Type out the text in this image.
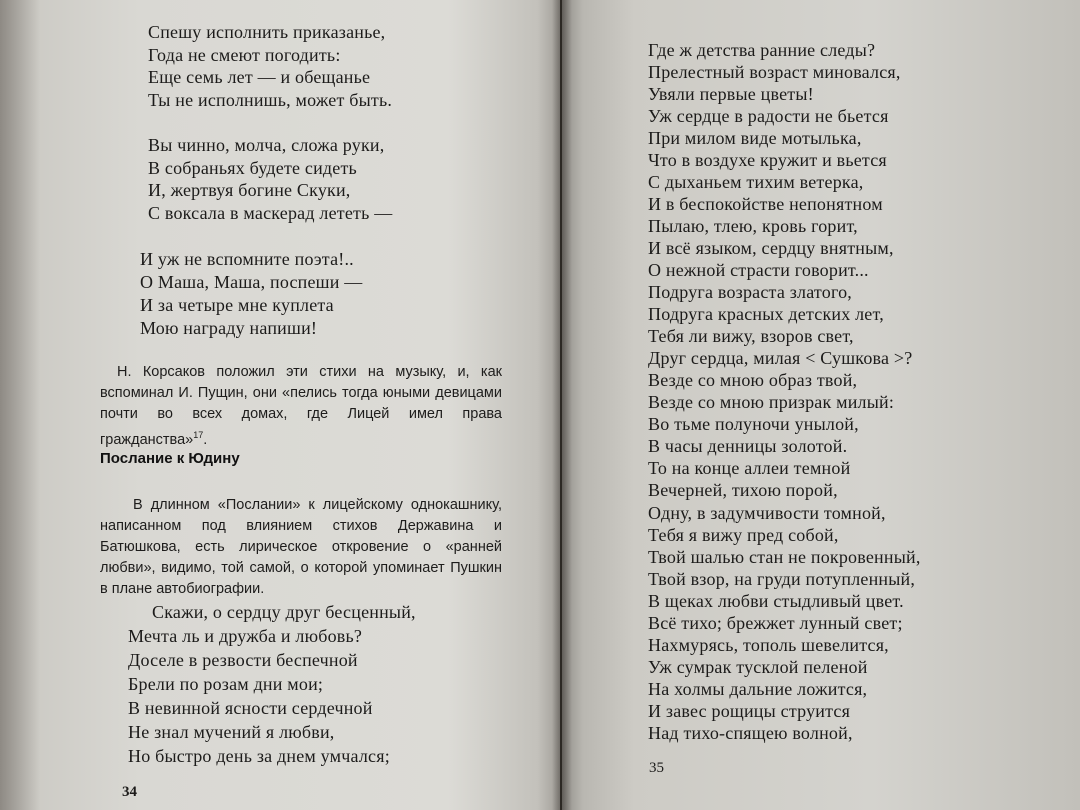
Спешу исполнить приказанье,
Года не смеют погодить:
Еще семь лет — и обещанье
Ты не исполнишь, может быть.
Вы чинно, молча, сложа руки,
В собраньях будете сидеть
И, жертвуя богине Скуки,
С воксала в маскерад лететь —
И уж не вспомните поэта!..
О Маша, Маша, поспеши —
И за четыре мне куплета
Мою награду напиши!
Н. Корсаков положил эти стихи на музыку, и, как вспоминал И. Пущин, они «пелись тогда юными девицами почти во всех домах, где Лицей имел права гражданства»$^{17}$.
Послание к Юдину
В длинном «Послании» к лицейскому однокашнику, написанном под влиянием стихов Державина и Батюшкова, есть лирическое откровение о «ранней любви», видимо, той самой, о которой упоминает Пушкин в плане автобиографии.
Скажи, о сердцу друг бесценный,
Мечта ль и дружба и любовь?
Доселе в резвости беспечной
Брели по розам дни мои;
В невинной ясности сердечной
Не знал мучений я любви,
Но быстро день за днем умчался;
34
Где ж детства ранние следы?
Прелестный возраст миновался,
Увяли первые цветы!
Уж сердце в радости не бьется
При милом виде мотылька,
Что в воздухе кружит и вьется
С дыханьем тихим ветерка,
И в беспокойстве непонятном
Пылаю, тлею, кровь горит,
И всё языком, сердцу внятным,
О нежной страсти говорит...
Подруга возраста златого,
Подруга красных детских лет,
Тебя ли вижу, взоров свет,
Друг сердца, милая < Сушкова >?
Везде со мною образ твой,
Везде со мною призрак милый:
Во тьме полуночи унылой,
В часы денницы золотой.
То на конце аллеи темной
Вечерней, тихою порой,
Одну, в задумчивости томной,
Тебя я вижу пред собой,
Твой шалью стан не покровенный,
Твой взор, на груди потупленный,
В щеках любви стыдливый цвет.
Всё тихо; брежжет лунный свет;
Нахмурясь, тополь шевелится,
Уж сумрак тусклой пеленой
На холмы дальние ложится,
И завес рощицы струится
Над тихо-спящею волной,
35
